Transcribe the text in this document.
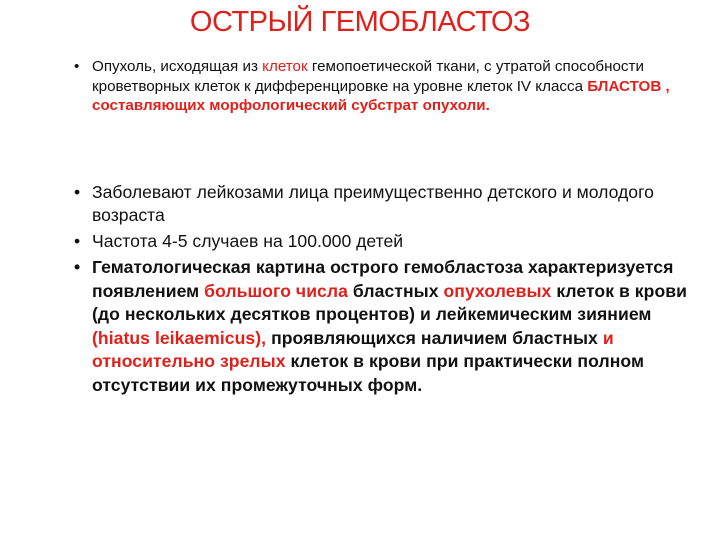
ОСТРЫЙ ГЕМОБЛАСТОЗ
• Опухоль, исходящая из клеток гемопоетической ткани, с утратой способности кроветворных клеток к дифференцировке на уровне клеток IV класса БЛАСТОВ , составляющих морфологический субстрат опухоли.
• Заболевают лейкозами лица преимущественно детского и молодого возраста
• Частота 4-5 случаев на 100.000 детей
• Гематологическая картина острого гемобластоза характеризуется появлением большого числа бластных опухолевых клеток в крови (до нескольких десятков процентов) и лейкемическим зиянием (hiatus leikaemicus), проявляющихся наличием бластных и относительно зрелых клеток в крови при практически полном отсутствии их промежуточных форм.
